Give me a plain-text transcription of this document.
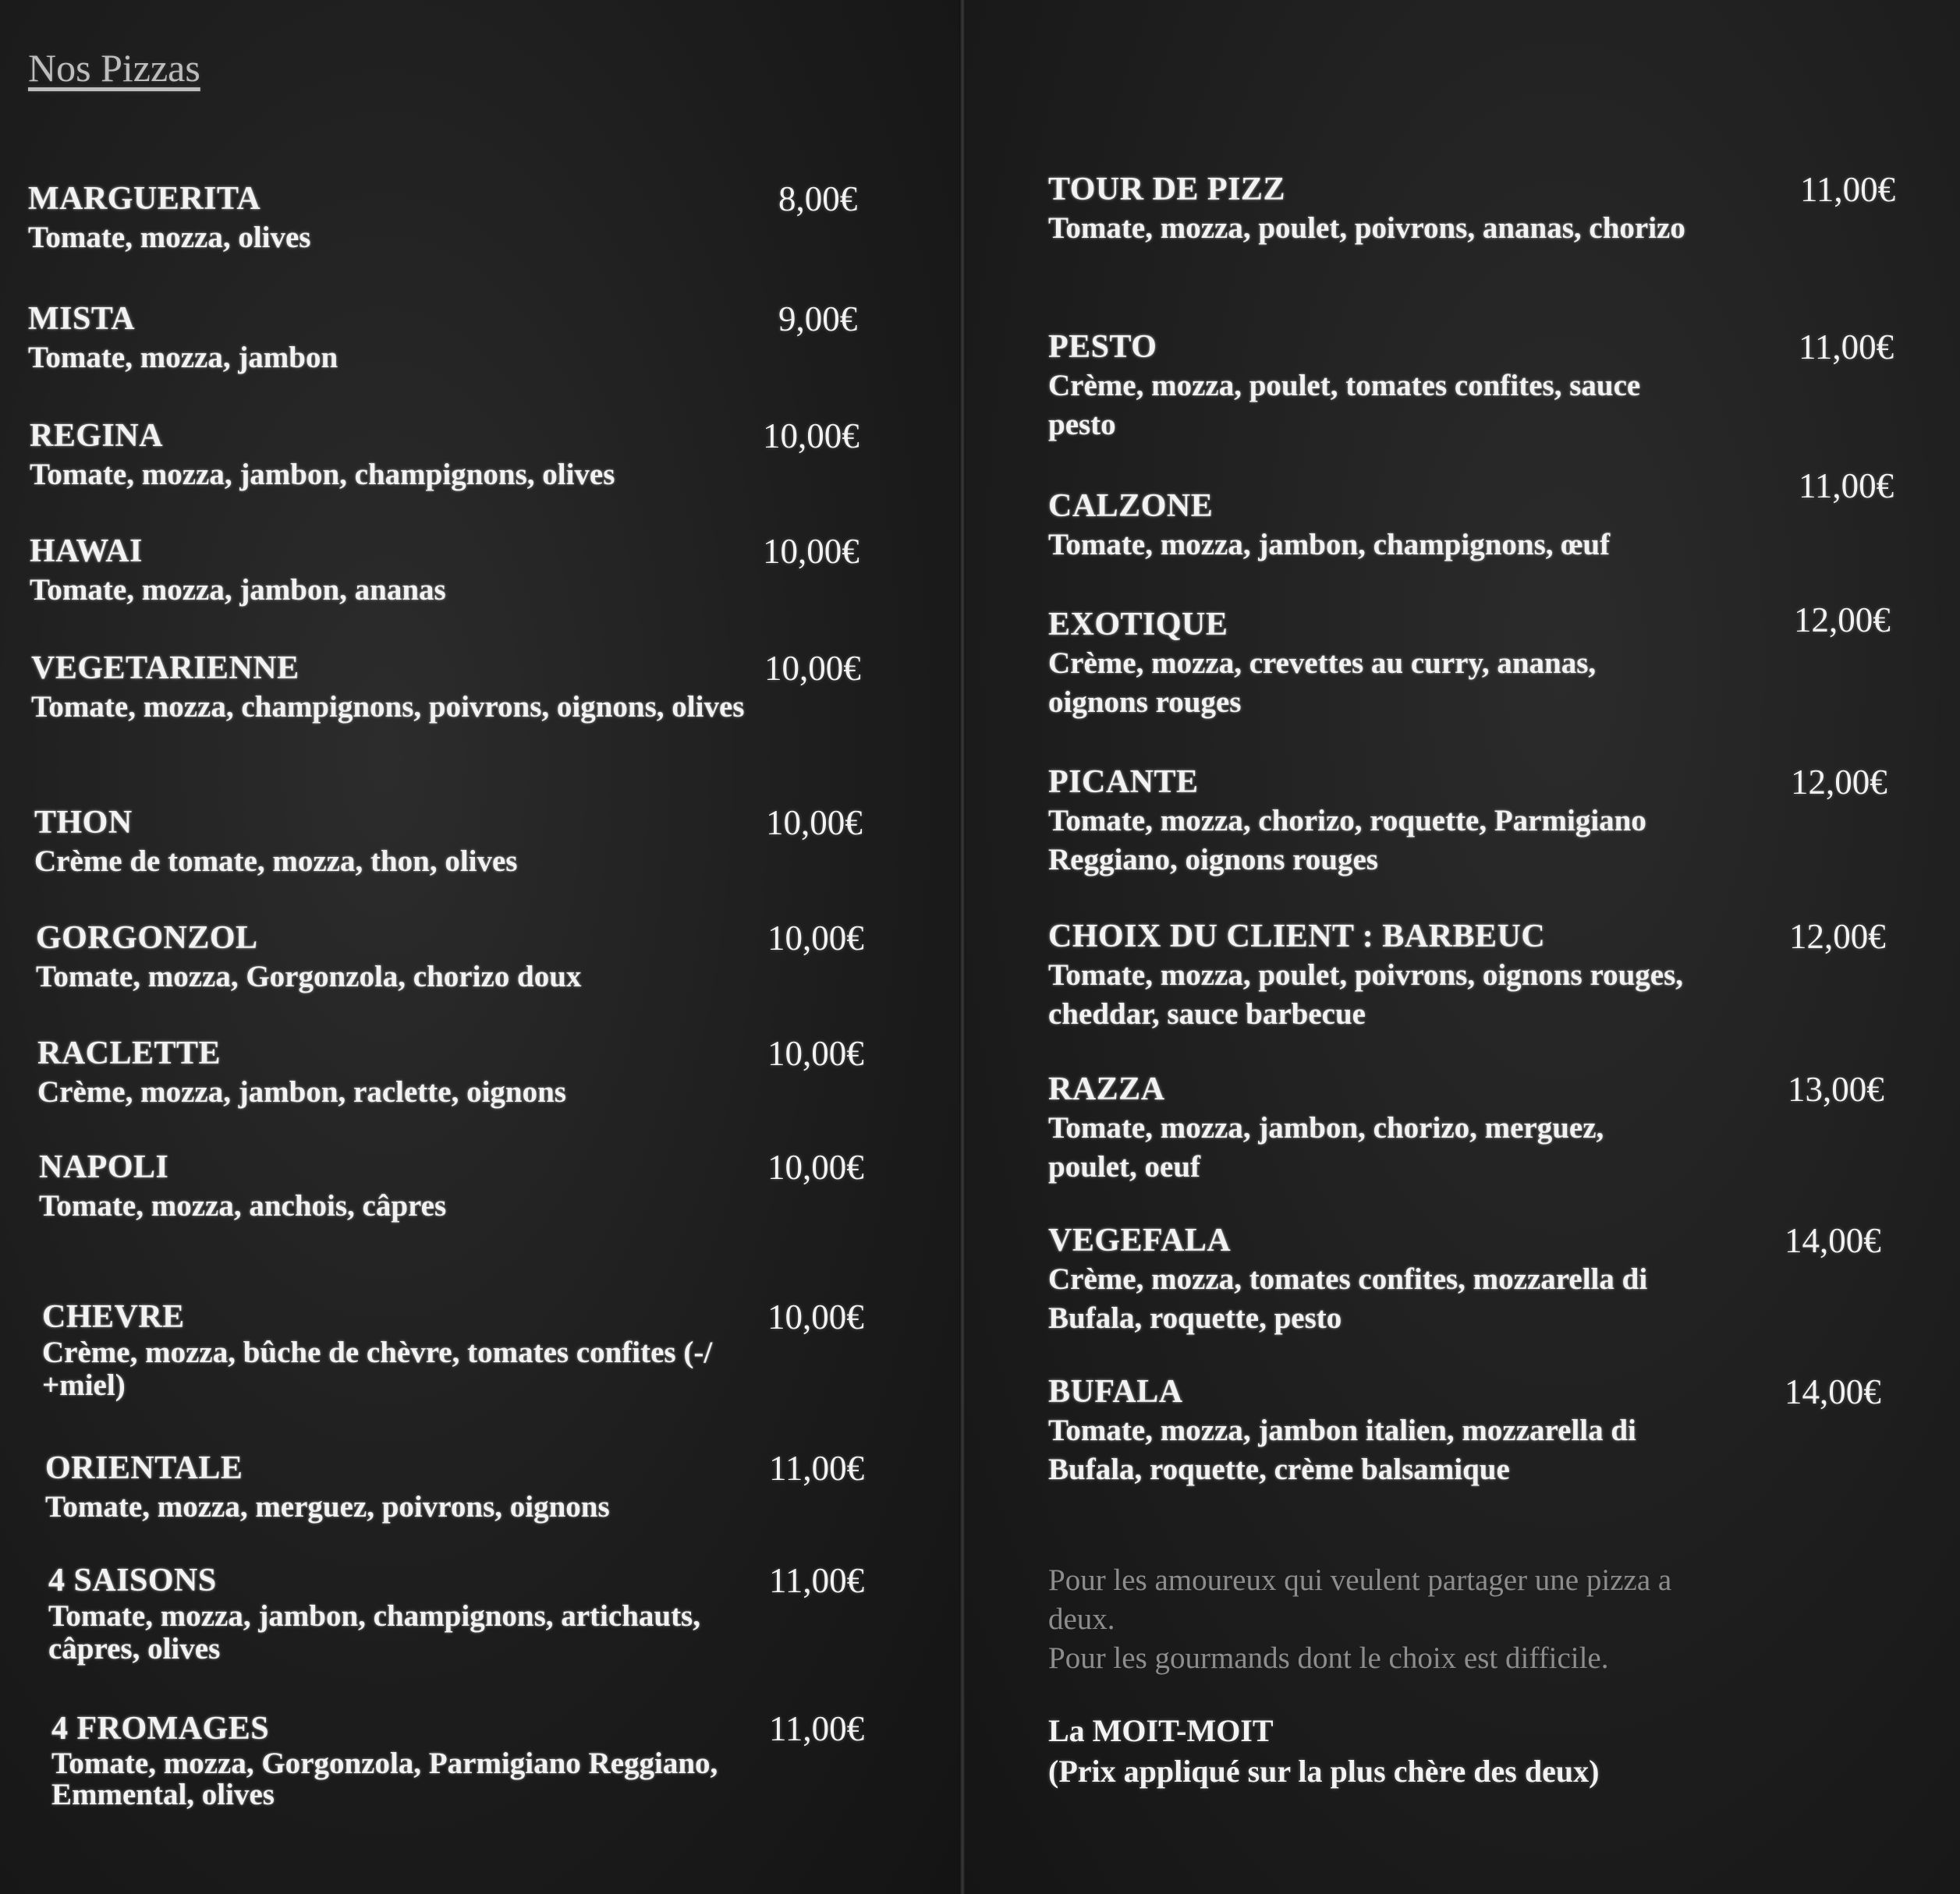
Nos Pizzas
MARGUERITA
Tomate, mozza, olives
8,00€
MISTA
Tomate, mozza, jambon
9,00€
REGINA
Tomate, mozza, jambon, champignons, olives
10,00€
HAWAI
Tomate, mozza, jambon, ananas
10,00€
VEGETARIENNE
Tomate, mozza, champignons, poivrons, oignons, olives
10,00€
THON
Crème de tomate, mozza, thon, olives
10,00€
GORGONZOL
Tomate, mozza, Gorgonzola, chorizo doux
10,00€
RACLETTE
Crème, mozza, jambon, raclette, oignons
10,00€
NAPOLI
Tomate, mozza, anchois, câpres
10,00€
CHEVRE
Crème, mozza, bûche de chèvre, tomates confites (-/ +miel)
10,00€
ORIENTALE
Tomate, mozza, merguez, poivrons, oignons
11,00€
4 SAISONS
Tomate, mozza, jambon, champignons, artichauts, câpres, olives
11,00€
4 FROMAGES
Tomate, mozza, Gorgonzola, Parmigiano Reggiano, Emmental, olives
11,00€
TOUR DE PIZZ
Tomate, mozza, poulet, poivrons, ananas, chorizo
11,00€
PESTO
Crème, mozza, poulet, tomates confites, sauce pesto
11,00€
CALZONE
Tomate, mozza, jambon, champignons, œuf
11,00€
EXOTIQUE
Crème, mozza, crevettes au curry, ananas, oignons rouges
12,00€
PICANTE
Tomate, mozza, chorizo, roquette, Parmigiano Reggiano, oignons rouges
12,00€
CHOIX DU CLIENT : BARBEUC
Tomate, mozza, poulet, poivrons, oignons rouges, cheddar, sauce barbecue
12,00€
RAZZA
Tomate, mozza, jambon, chorizo, merguez, poulet, oeuf
13,00€
VEGEFALA
Crème, mozza, tomates confites, mozzarella di Bufala, roquette, pesto
14,00€
BUFALA
Tomate, mozza, jambon italien, mozzarella di Bufala, roquette, crème balsamique
14,00€
Pour les amoureux qui veulent partager une pizza a deux.
Pour les gourmands dont le choix est difficile.
La MOIT-MOIT
(Prix appliqué sur la plus chère des deux)
